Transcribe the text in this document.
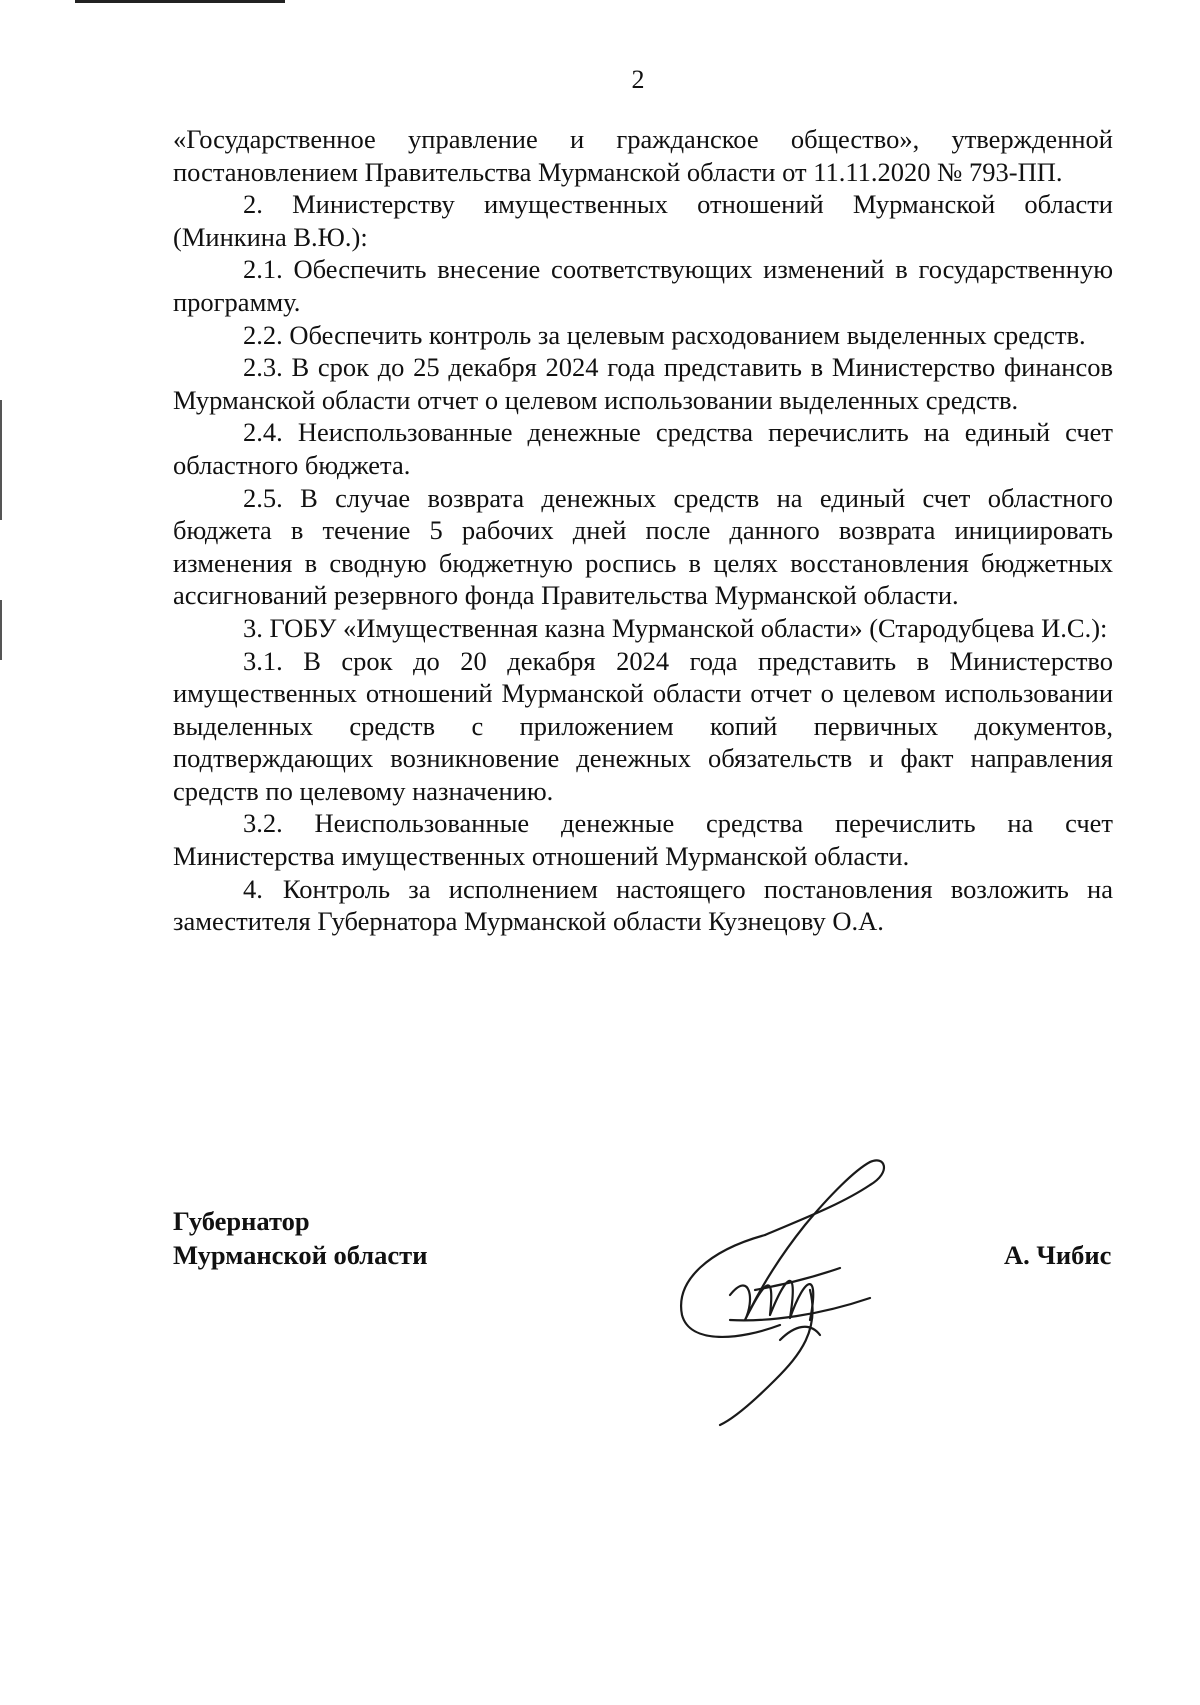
2

«Государственное управление и гражданское общество», утвержденной постановлением Правительства Мурманской области от 11.11.2020 № 793-ПП.

2. Министерству имущественных отношений Мурманской области (Минкина В.Ю.):

2.1. Обеспечить внесение соответствующих изменений в государственную программу.

2.2. Обеспечить контроль за целевым расходованием выделенных средств.

2.3. В срок до 25 декабря 2024 года представить в Министерство финансов Мурманской области отчет о целевом использовании выделенных средств.

2.4. Неиспользованные денежные средства перечислить на единый счет областного бюджета.

2.5. В случае возврата денежных средств на единый счет областного бюджета в течение 5 рабочих дней после данного возврата инициировать изменения в сводную бюджетную роспись в целях восстановления бюджетных ассигнований резервного фонда Правительства Мурманской области.

3. ГОБУ «Имущественная казна Мурманской области» (Стародубцева И.С.):

3.1. В срок до 20 декабря 2024 года представить в Министерство имущественных отношений Мурманской области отчет о целевом использовании выделенных средств с приложением копий первичных документов, подтверждающих возникновение денежных обязательств и факт направления средств по целевому назначению.

3.2. Неиспользованные денежные средства перечислить на счет Министерства имущественных отношений Мурманской области.

4. Контроль за исполнением настоящего постановления возложить на заместителя Губернатора Мурманской области Кузнецову О.А.

Губернатор
Мурманской области	А. Чибис
